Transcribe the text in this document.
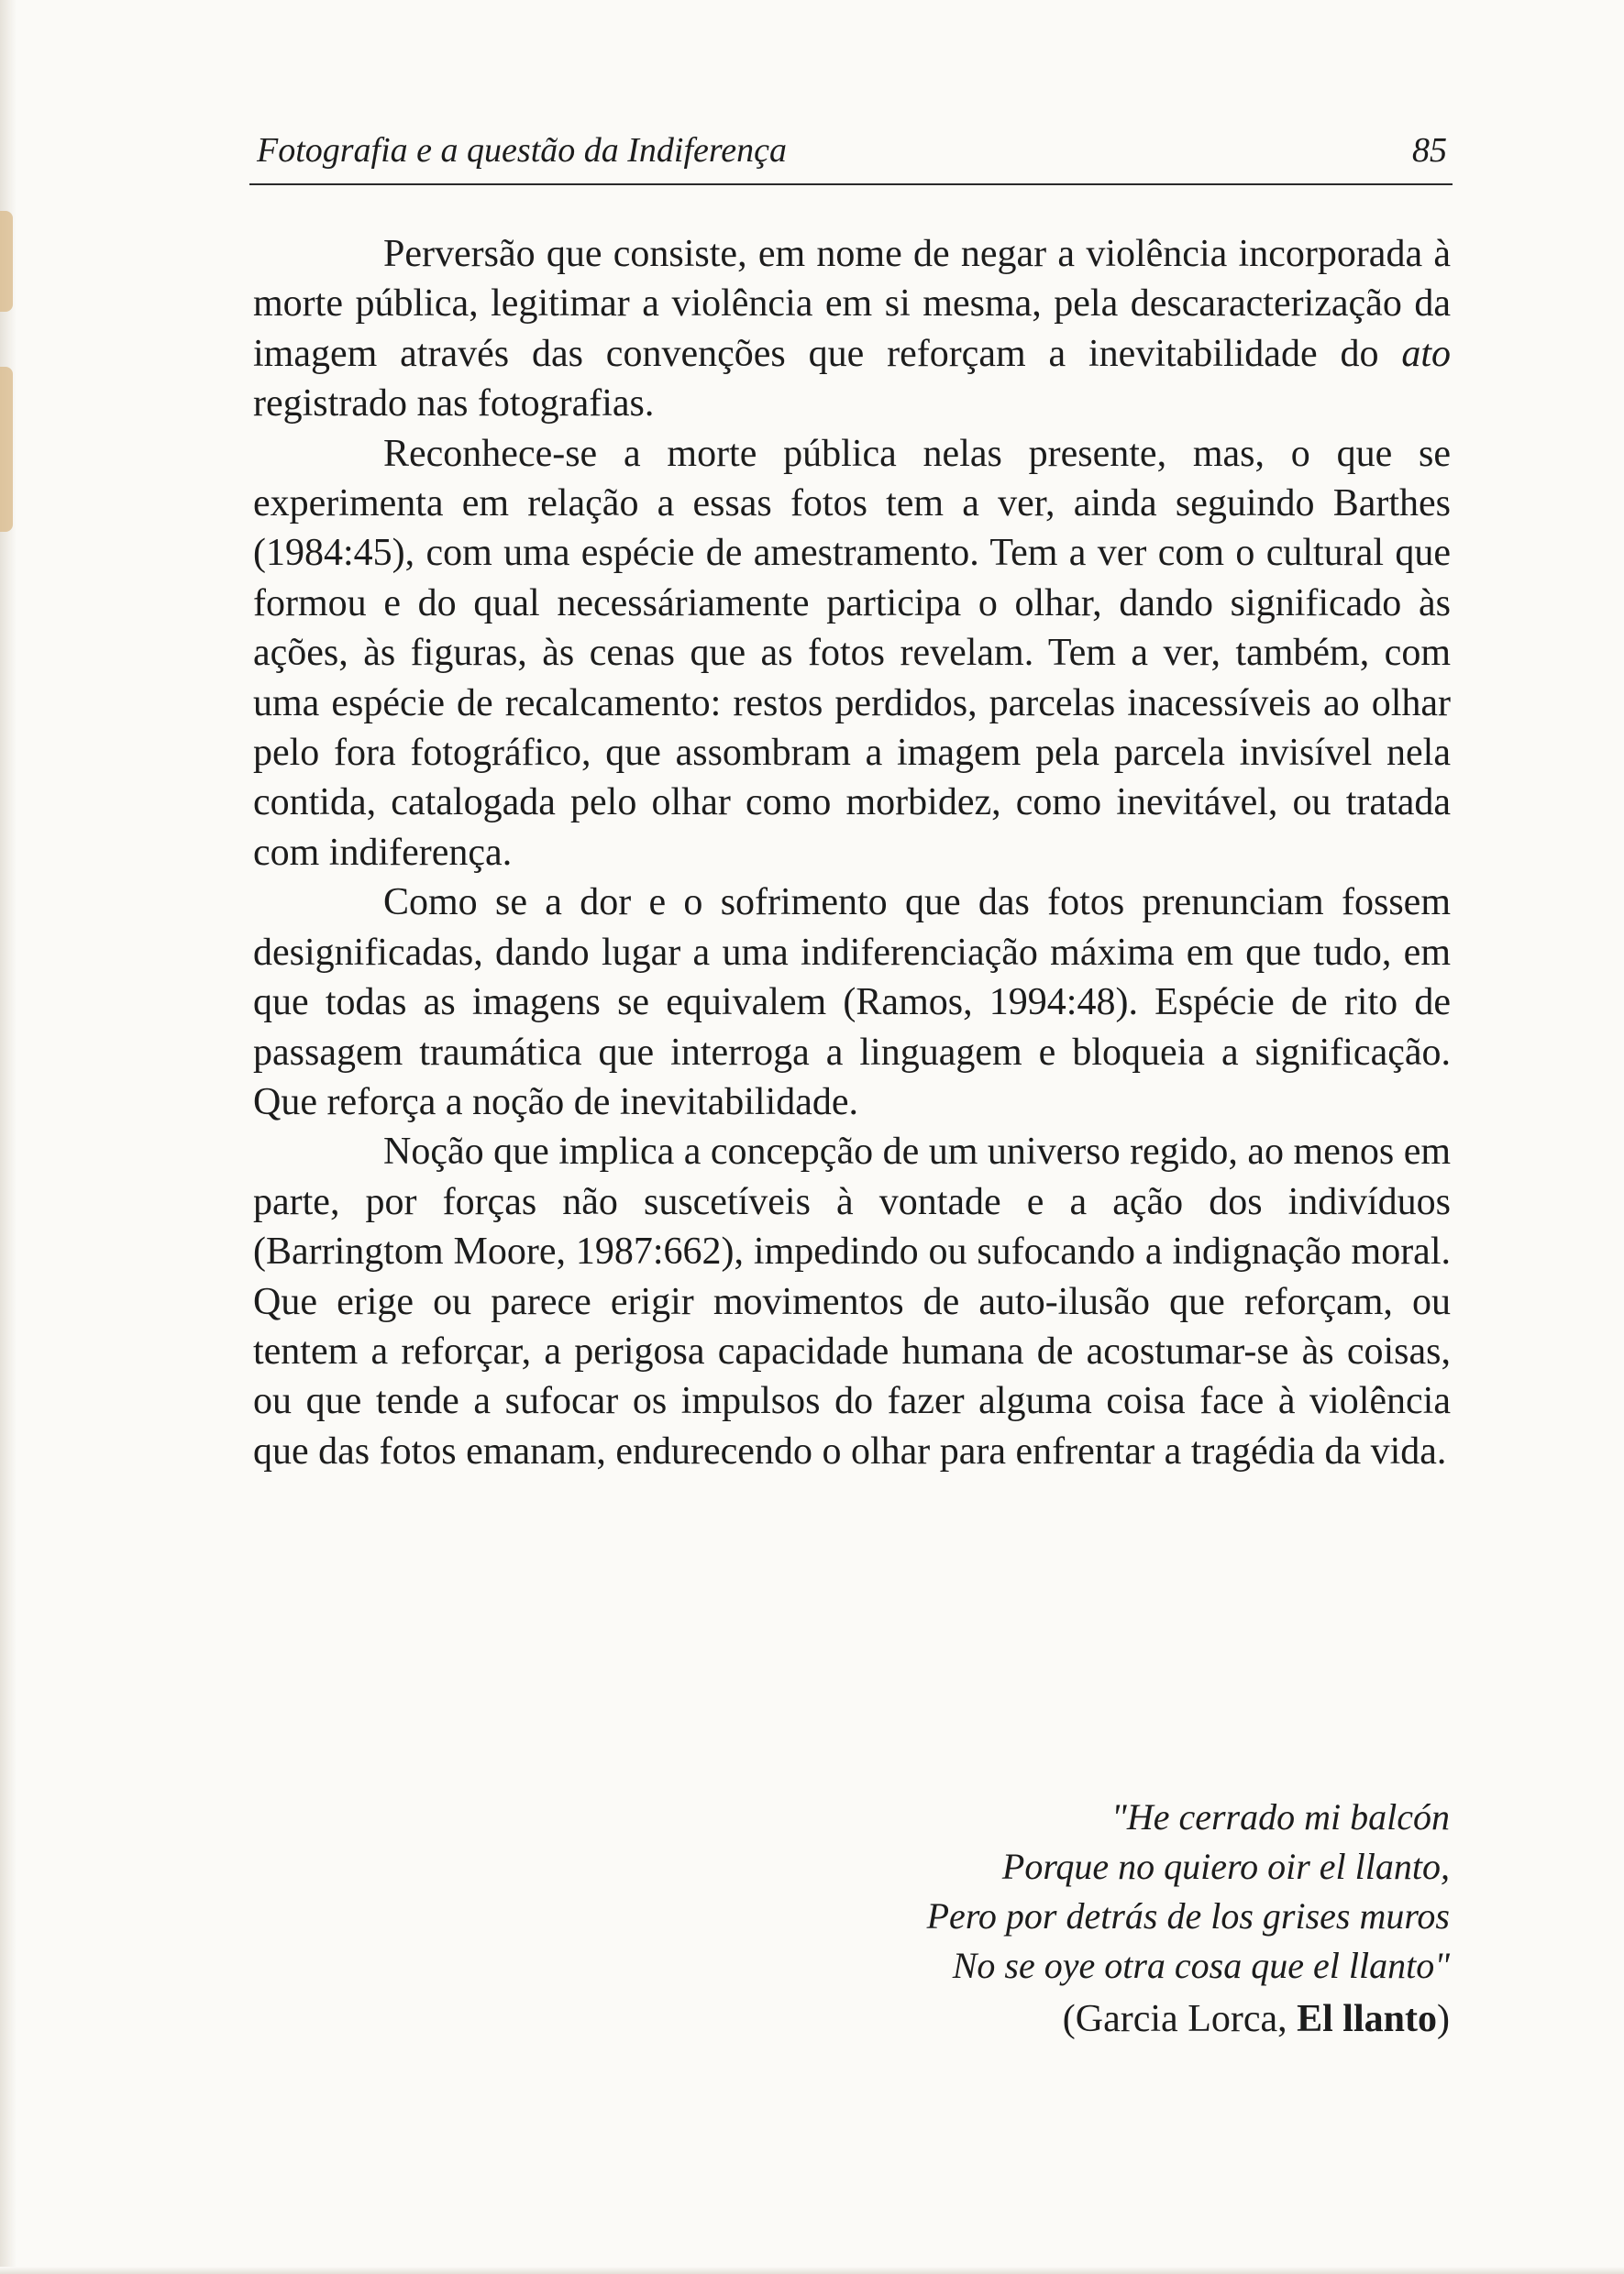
Fotografia e a questão da Indiferença	85

Perversão que consiste, em nome de negar a violência incorporada à morte pública, legitimar a violência em si mesma, pela descaracterização da imagem através das convenções que reforçam a inevitabilidade do ato registrado nas fotografias.

Reconhece-se a morte pública nelas presente, mas, o que se experimenta em relação a essas fotos tem a ver, ainda seguindo Barthes (1984:45), com uma espécie de amestramento. Tem a ver com o cultural que formou e do qual necessáriamente participa o olhar, dando significado às ações, às figuras, às cenas que as fotos revelam. Tem a ver, também, com uma espécie de recalcamento: restos perdidos, parcelas inacessíveis ao olhar pelo fora fotográfico, que assombram a imagem pela parcela invisível nela contida, catalogada pelo olhar como morbidez, como inevitável, ou tratada com indiferença.

Como se a dor e o sofrimento que das fotos prenunciam fossem designificadas, dando lugar a uma indiferenciação máxima em que tudo, em que todas as imagens se equivalem (Ramos, 1994:48). Espécie de rito de passagem traumática que interroga a linguagem e bloqueia a significação. Que reforça a noção de inevitabilidade.

Noção que implica a concepção de um universo regido, ao menos em parte, por forças não suscetíveis à vontade e a ação dos indivíduos (Barringtom Moore, 1987:662), impedindo ou sufocando a indignação moral. Que erige ou parece erigir movimentos de auto-ilusão que reforçam, ou tentem a reforçar, a perigosa capacidade humana de acostumar-se às coisas, ou que tende a sufocar os impulsos do fazer alguma coisa face à violência que das fotos emanam, endurecendo o olhar para enfrentar a tragédia da vida.

"He cerrado mi balcón
Porque no quiero oir el llanto,
Pero por detrás de los grises muros
No se oye otra cosa que el llanto"
(Garcia Lorca, El llanto)
